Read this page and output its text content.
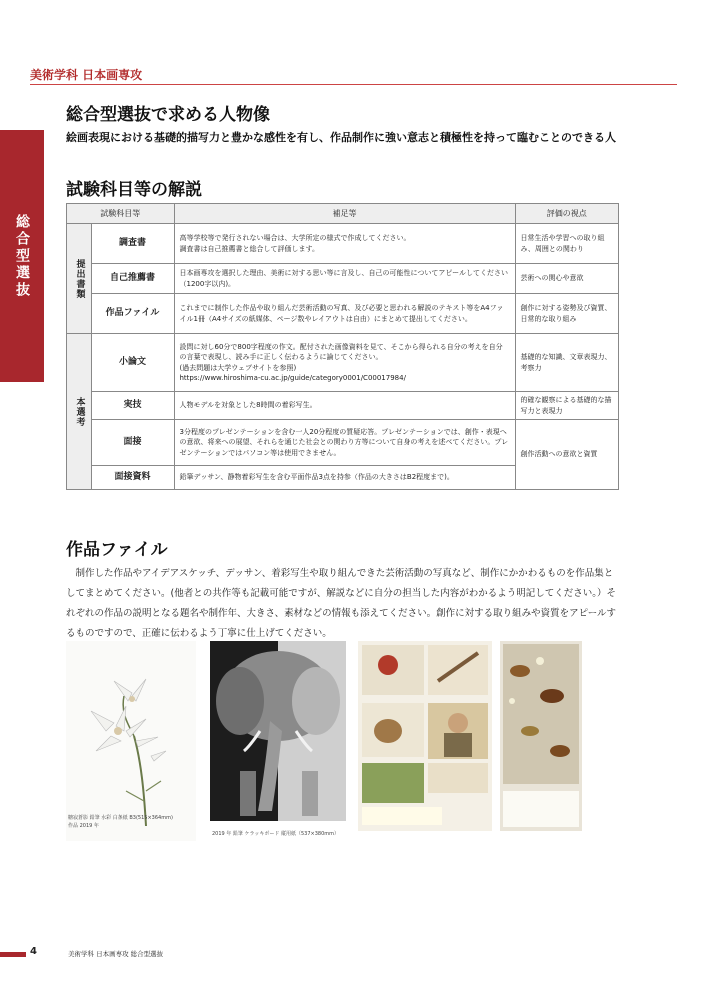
美術学科 日本画専攻
総合型選抜
総合型選抜で求める人物像
絵画表現における基礎的描写力と豊かな感性を有し、作品制作に強い意志と積極性を持って臨むことのできる人
試験科目等の解説
試験科目等		補足等	評価の視点
提出書類	調査書	高等学校等で発行されない場合は、大学所定の様式で作成してください。
調査書は自己推薦書と総合して評価します。	日常生活や学習への取り組み、周囲との関わり
	自己推薦書	日本画専攻を選択した理由、美術に対する思い等に言及し、自己の可能性についてアピールしてください（1200字以内)。	芸術への関心や意欲
	作品ファイル	これまでに制作した作品や取り組んだ芸術活動の写真、及び必要と思われる解説のテキスト等をA4ファイル1冊（A4サイズの紙媒体、ページ数やレイアウトは自由）にまとめて提出してください。	創作に対する姿勢及び資質、日常的な取り組み
本選考	小論文	設問に対し60分で800字程度の作文。配付された画像資料を見て、そこから得られる自分の考えを自分の言葉で表現し、読み手に正しく伝わるように論じてください。
(過去問題は大学ウェブサイトを参照)
https://www.hiroshima-cu.ac.jp/guide/category0001/C00017984/	基礎的な知識、文章表現力、考察力
	実技	人物モデルを対象とした8時間の着彩写生。	的確な観察による基礎的な描写力と表現力
	面接	3分程度のプレゼンテーションを含む一人20分程度の質疑応答。プレゼンテーションでは、創作・表現への意欲、将来への展望、それらを通じた社会との関わり方等について自身の考えを述べてください。プレゼンテーションではパソコン等は使用できません。	創作活動への意欲と資質
	面接資料	鉛筆デッサン、静物着彩写生を含む平面作品3点を持参（作品の大きさはB2程度まで)。	
作品ファイル
制作した作品やアイデアスケッチ、デッサン、着彩写生や取り組んできた芸術活動の写真など、制作にかかわるものを作品集としてまとめてください。(他者との共作等も記載可能ですが、解説などに自分の担当した内容がわかるよう明記してください。）それぞれの作品の説明となる題名や制作年、大きさ、素材などの情報も添えてください。創作に対する取り組みや資質をアピールするものですので、正確に伝わるよう丁寧に仕上げてください。
糖寂蒼影 鉛筆 水彩 白条紙 B3(515×364mm)
作品 2019 年
2019 年 鉛筆 ケラッキボード 縦用紙（537×380mm）
4	美術学科 日本画専攻 総合型選抜
